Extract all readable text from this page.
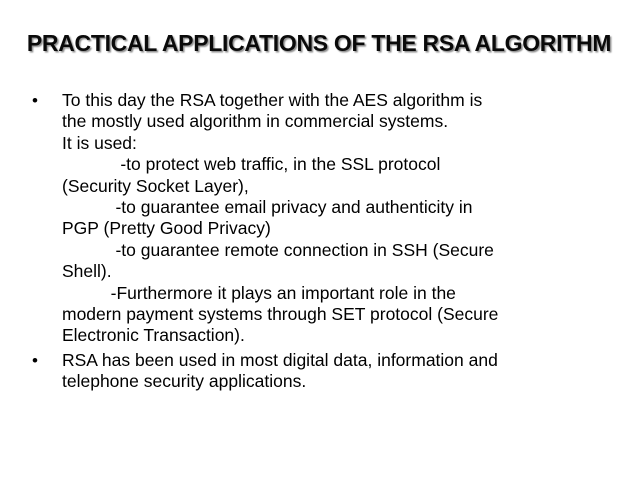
PRACTICAL APPLICATIONS OF THE RSA ALGORITHM
• To this day the RSA together with the AES algorithm is
the mostly used algorithm in commercial systems.
It is used:
-to protect web traffic, in the SSL protocol
(Security Socket Layer),
-to guarantee email privacy and authenticity in
PGP (Pretty Good Privacy)
-to guarantee remote connection in SSH (Secure
Shell).
-Furthermore it plays an important role in the
modern payment systems through SET protocol (Secure
Electronic Transaction).
• RSA has been used in most digital data, information and
telephone security applications.
